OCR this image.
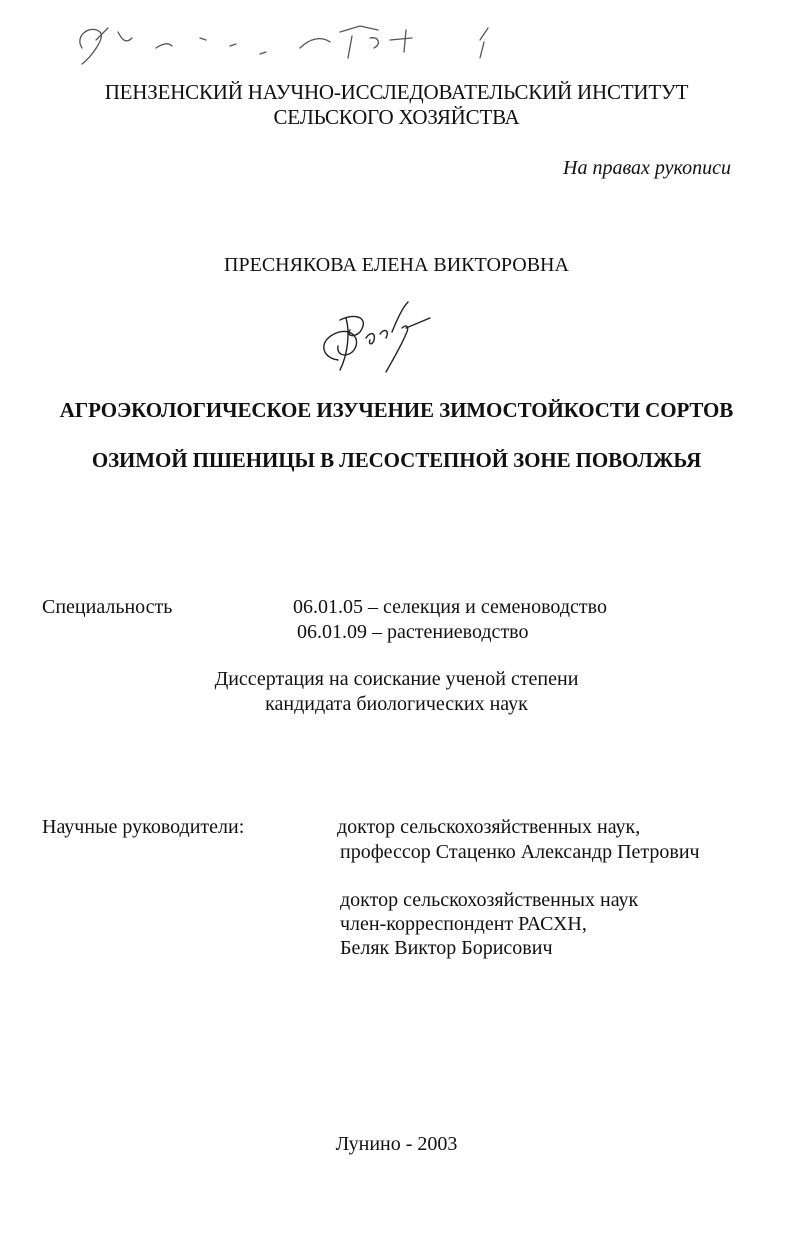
ПЕНЗЕНСКИЙ НАУЧНО-ИССЛЕДОВАТЕЛЬСКИЙ ИНСТИТУТ
СЕЛЬСКОГО ХОЗЯЙСТВА
На правах рукописи
ПРЕСНЯКОВА ЕЛЕНА ВИКТОРОВНА
АГРОЭКОЛОГИЧЕСКОЕ ИЗУЧЕНИЕ ЗИМОСТОЙКОСТИ СОРТОВ
ОЗИМОЙ ПШЕНИЦЫ В ЛЕСОСТЕПНОЙ ЗОНЕ ПОВОЛЖЬЯ
Специальность	06.01.05 – селекция и семеноводство
06.01.09 – растениеводство
Диссертация на соискание ученой степени
кандидата биологических наук
Научные руководители:	доктор сельскохозяйственных наук,
профессор Стаценко Александр Петрович
доктор сельскохозяйственных наук
член-корреспондент РАСХН,
Беляк Виктор Борисович
Лунино - 2003
